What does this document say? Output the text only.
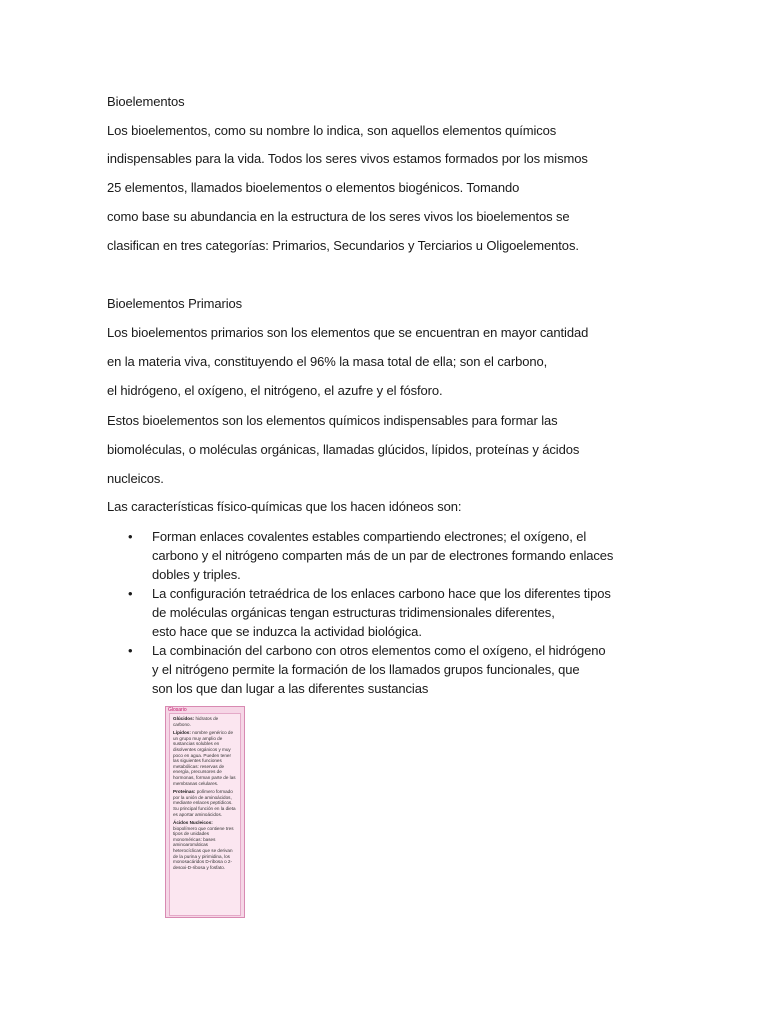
Bioelementos
Los bioelementos, como su nombre lo indica, son aquellos elementos químicos
indispensables para la vida. Todos los seres vivos estamos formados por los mismos
25 elementos, llamados bioelementos o elementos biogénicos. Tomando
como base su abundancia en la estructura de los seres vivos los bioelementos se
clasifican en tres categorías: Primarios, Secundarios y Terciarios u Oligoelementos.
Bioelementos Primarios
Los bioelementos primarios son los elementos que se encuentran en mayor cantidad
en la materia viva, constituyendo el 96% la masa total de ella; son el carbono,
el hidrógeno, el oxígeno, el nitrógeno, el azufre y el fósforo.
Estos bioelementos son los elementos químicos indispensables para formar las
biomoléculas, o moléculas orgánicas, llamadas glúcidos, lípidos, proteínas y ácidos
nucleicos.
Las características físico-químicas que los hacen idóneos son:
•	Forman enlaces covalentes estables compartiendo electrones; el oxígeno, el
carbono y el nitrógeno comparten más de un par de electrones formando enlaces
dobles y triples.
•	La configuración tetraédrica de los enlaces carbono hace que los diferentes tipos
de moléculas orgánicas tengan estructuras tridimensionales diferentes,
esto hace que se induzca la actividad biológica.
•	La combinación del carbono con otros elementos como el oxígeno, el hidrógeno
y el nitrógeno permite la formación de los llamados grupos funcionales, que
son los que dan lugar a las diferentes sustancias
Glosario
Glúcidos: hidratos de carbono.
Lípidos: nombre genérico de un grupo muy amplio de sustancias solubles en disolventes orgánicos y muy poco en agua. Pueden tener las siguientes funciones metabólicas: reservas de energía, precursores de hormonas, forman parte de las membranas celulares.
Proteínas: polímero formado por la unión de aminoácidos, mediante enlaces peptídicos. Su principal función en la dieta es aportar aminoácidos.
Ácidos Nucleicos: biopolímero que contiene tres tipos de unidades monoméricas: bases aminoaromáticas heterocíclicas que se derivan de la purina y pirimidina, los monosacáridos D-ribosa o 2-desoxi-D-ribosa y fosfato.
